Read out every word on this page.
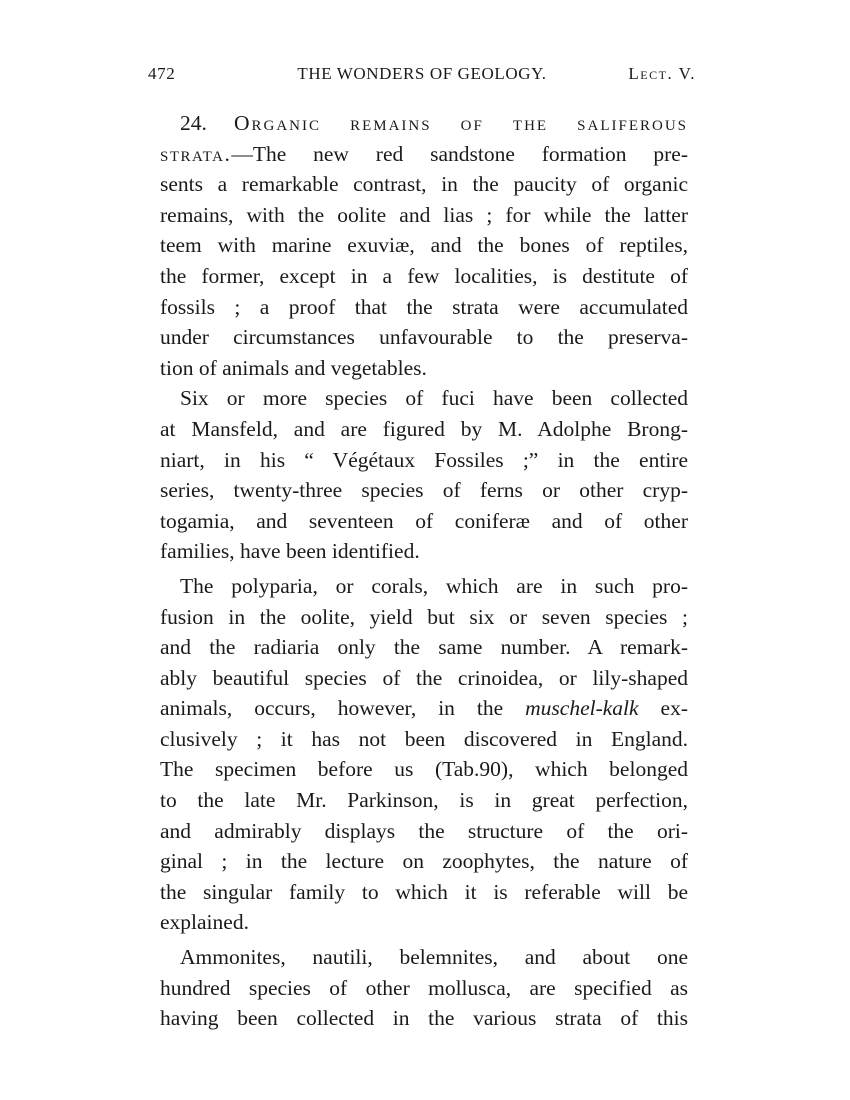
472	THE WONDERS OF GEOLOGY.	Lect. V.
24. Organic remains of the saliferous
strata.—The new red sandstone formation pre-
sents a remarkable contrast, in the paucity of organic
remains, with the oolite and lias ; for while the latter
teem with marine exuviæ, and the bones of reptiles,
the former, except in a few localities, is destitute of
fossils ; a proof that the strata were accumulated
under circumstances unfavourable to the preserva-
tion of animals and vegetables.
Six or more species of fuci have been collected
at Mansfeld, and are figured by M. Adolphe Brong-
niart, in his “ Végétaux Fossiles ;” in the entire
series, twenty-three species of ferns or other cryp-
togamia, and seventeen of coniferæ and of other
families, have been identified.
The polyparia, or corals, which are in such pro-
fusion in the oolite, yield but six or seven species ;
and the radiaria only the same number. A remark-
ably beautiful species of the crinoidea, or lily-shaped
animals, occurs, however, in the muschel-kalk ex-
clusively ; it has not been discovered in England.
The specimen before us (Tab.90), which belonged
to the late Mr. Parkinson, is in great perfection,
and admirably displays the structure of the ori-
ginal ; in the lecture on zoophytes, the nature of
the singular family to which it is referable will be
explained.
Ammonites, nautili, belemnites, and about one
hundred species of other mollusca, are specified as
having been collected in the various strata of this
